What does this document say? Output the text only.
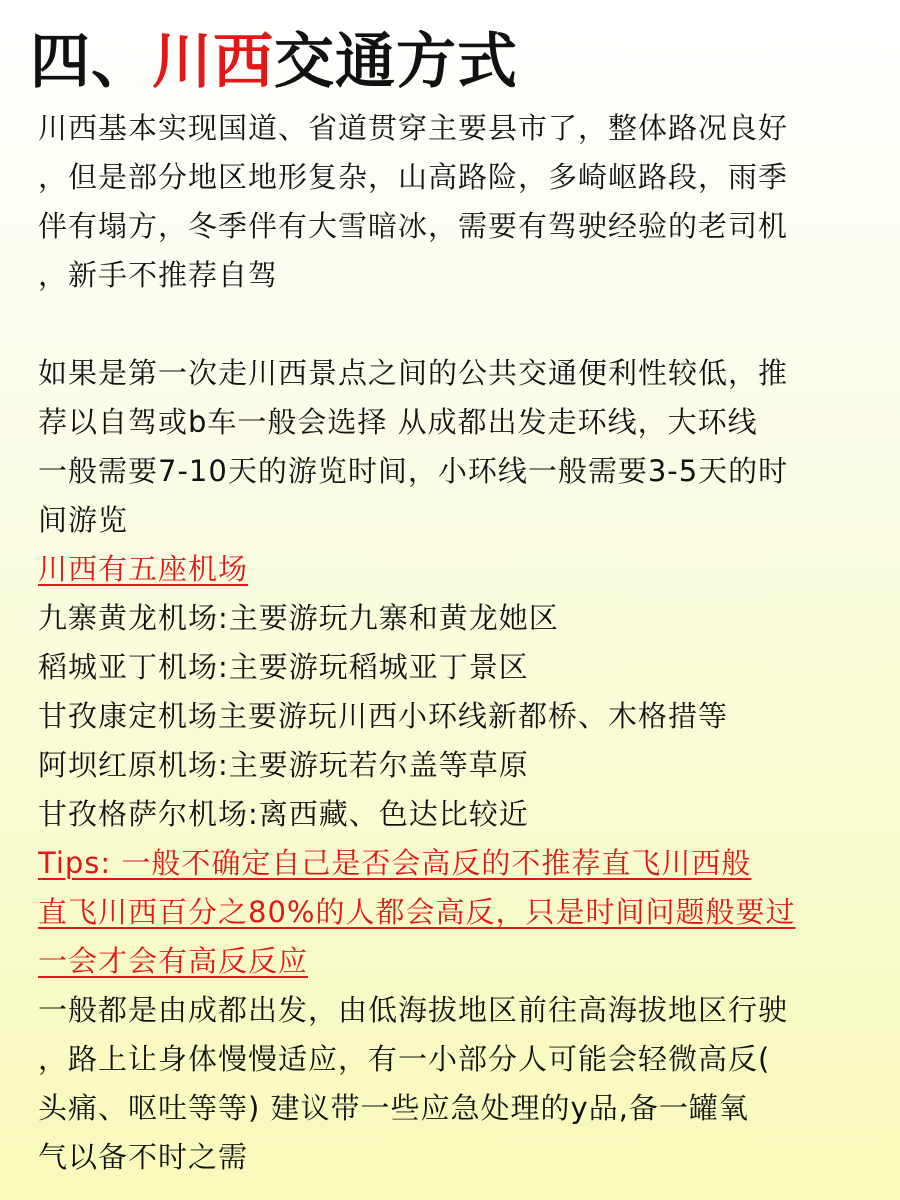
四、川西交通方式
川西基本实现国道、省道贯穿主要县市了，整体路况良好
，但是部分地区地形复杂，山高路险，多崎岖路段，雨季
伴有塌方，冬季伴有大雪暗冰，需要有驾驶经验的老司机
，新手不推荐自驾
如果是第一次走川西景点之间的公共交通便利性较低，推
荐以自驾或b车一般会选择 从成都出发走环线，大环线
一般需要7-10天的游览时间，小环线一般需要3-5天的时
间游览
川西有五座机场
九寨黄龙机场:主要游玩九寨和黄龙她区
稻城亚丁机场:主要游玩稻城亚丁景区
甘孜康定机场主要游玩川西小环线新都桥、木格措等
阿坝红原机场:主要游玩若尔盖等草原
甘孜格萨尔机场:离西藏、色达比较近
Tips: 一般不确定自己是否会高反的不推荐直飞川西般
直飞川西百分之80%的人都会高反，只是时间问题般要过
一会才会有高反反应
一般都是由成都出发，由低海拔地区前往高海拔地区行驶
，路上让身体慢慢适应，有一小部分人可能会轻微高反(
头痛、呕吐等等) 建议带一些应急处理的y品,备一罐氧
气以备不时之需
